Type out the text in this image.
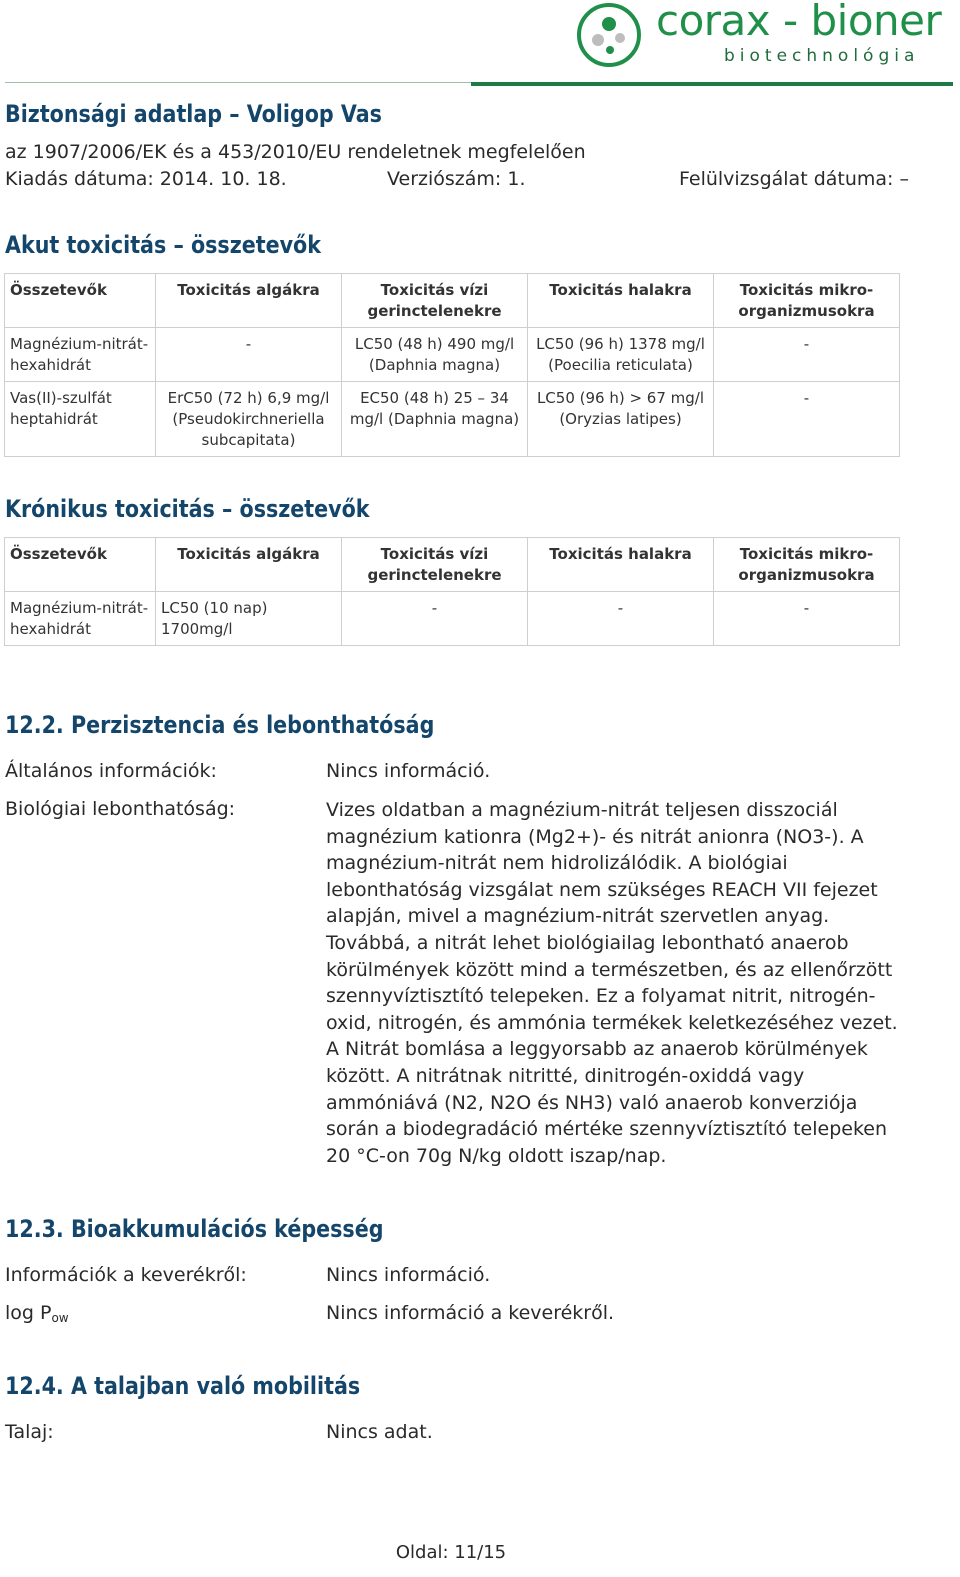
corax - bioner
biotechnológia
Biztonsági adatlap – Voligop Vas
az 1907/2006/EK és a 453/2010/EU rendeletnek megfelelően
Kiadás dátuma: 2014. 10. 18.	Verziószám: 1.	Felülvizsgálat dátuma: –
Akut toxicitás – összetevők
Összetevők	Toxicitás algákra	Toxicitás vízi gerinctelenekre	Toxicitás halakra	Toxicitás mikro-organizmusokra
Magnézium-nitrát-hexahidrát	-	LC50 (48 h) 490 mg/l (Daphnia magna)	LC50 (96 h) 1378 mg/l (Poecilia reticulata)	-
Vas(II)-szulfát heptahidrát	ErC50 (72 h) 6,9 mg/l (Pseudokirchneriella subcapitata)	EC50 (48 h) 25 – 34 mg/l (Daphnia magna)	LC50 (96 h) > 67 mg/l (Oryzias latipes)	-
Krónikus toxicitás – összetevők
Összetevők	Toxicitás algákra	Toxicitás vízi gerinctelenekre	Toxicitás halakra	Toxicitás mikro-organizmusokra
Magnézium-nitrát-hexahidrát	LC50 (10 nap) 1700mg/l	-	-	-
12.2. Perzisztencia és lebonthatóság
Általános információk:	Nincs információ.
Biológiai lebonthatóság:	Vizes oldatban a magnézium-nitrát teljesen disszociál magnézium kationra (Mg2+)- és nitrát anionra (NO3-). A magnézium-nitrát nem hidrolizálódik. A biológiai lebonthatóság vizsgálat nem szükséges REACH VII fejezet alapján, mivel a magnézium-nitrát szervetlen anyag. Továbbá, a nitrát lehet biológiailag lebontható anaerob körülmények között mind a természetben, és az ellenőrzött szennyvíztisztító telepeken. Ez a folyamat nitrit, nitrogén-oxid, nitrogén, és ammónia termékek keletkezéséhez vezet. A Nitrát bomlása a leggyorsabb az anaerob körülmények között. A nitrátnak nitritté, dinitrogén-oxiddá vagy ammóniává (N2, N2O és NH3) való anaerob konverziója során a biodegradáció mértéke szennyvíztisztító telepeken 20 °C-on 70g N/kg oldott iszap/nap.
12.3. Bioakkumulációs képesség
Információk a keverékről:	Nincs információ.
$\log P_{ow}$	Nincs információ a keverékről.
12.4. A talajban való mobilitás
Talaj:	Nincs adat.
Oldal: 11/15
